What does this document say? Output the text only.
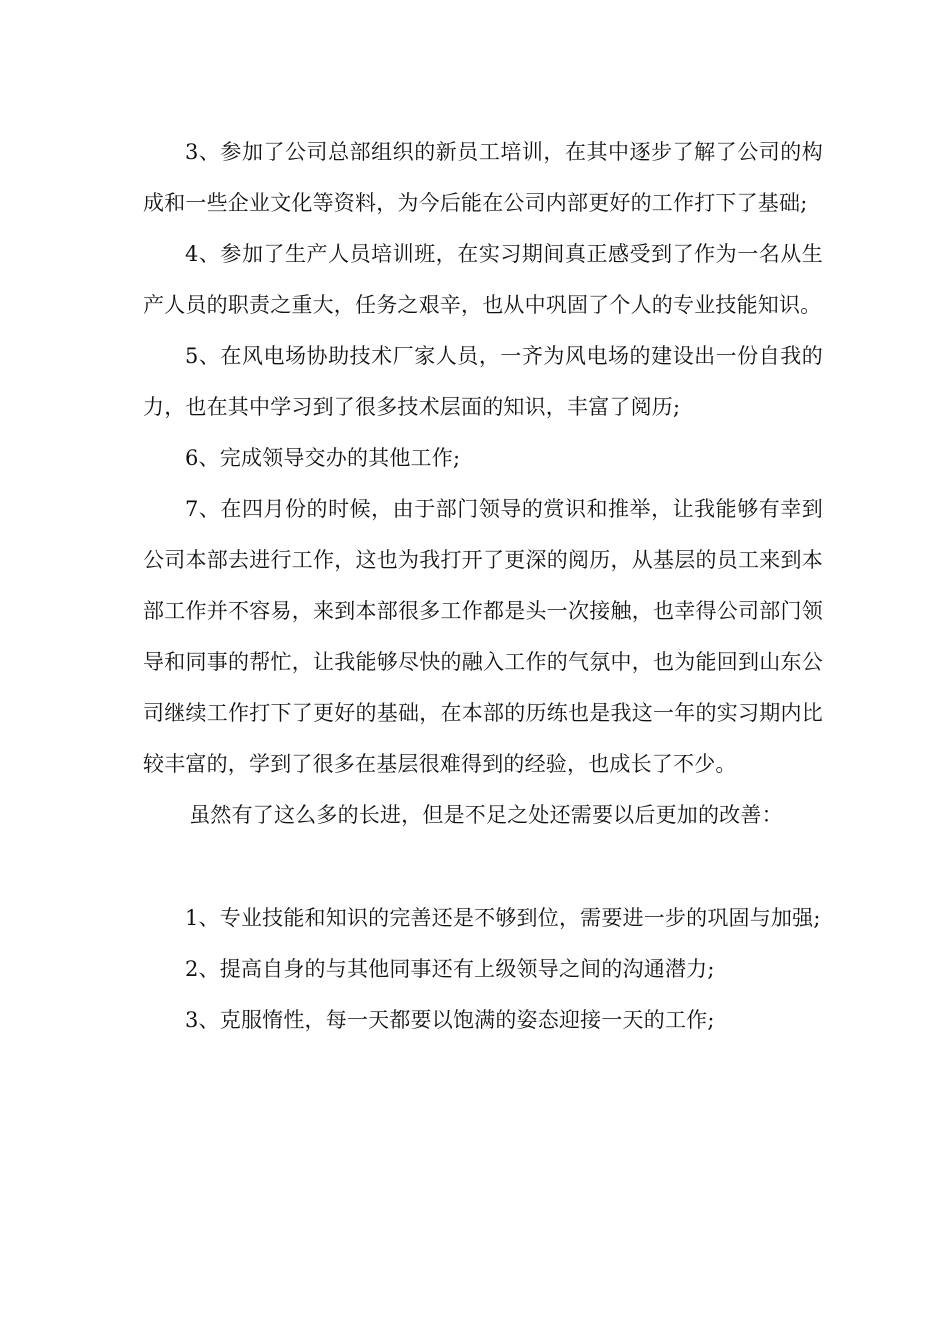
3、参加了公司总部组织的新员工培训，在其中逐步了解了公司的构成和一些企业文化等资料，为今后能在公司内部更好的工作打下了基础;

4、参加了生产人员培训班，在实习期间真正感受到了作为一名从生产人员的职责之重大，任务之艰辛，也从中巩固了个人的专业技能知识。

5、在风电场协助技术厂家人员，一齐为风电场的建设出一份自我的力，也在其中学习到了很多技术层面的知识，丰富了阅历;

6、完成领导交办的其他工作;

7、在四月份的时候，由于部门领导的赏识和推举，让我能够有幸到公司本部去进行工作，这也为我打开了更深的阅历，从基层的员工来到本部工作并不容易，来到本部很多工作都是头一次接触，也幸得公司部门领导和同事的帮忙，让我能够尽快的融入工作的气氛中，也为能回到山东公司继续工作打下了更好的基础，在本部的历练也是我这一年的实习期内比较丰富的，学到了很多在基层很难得到的经验，也成长了不少。

虽然有了这么多的长进，但是不足之处还需要以后更加的改善：

1、专业技能和知识的完善还是不够到位，需要进一步的巩固与加强;

2、提高自身的与其他同事还有上级领导之间的沟通潜力;

3、克服惰性，每一天都要以饱满的姿态迎接一天的工作;
